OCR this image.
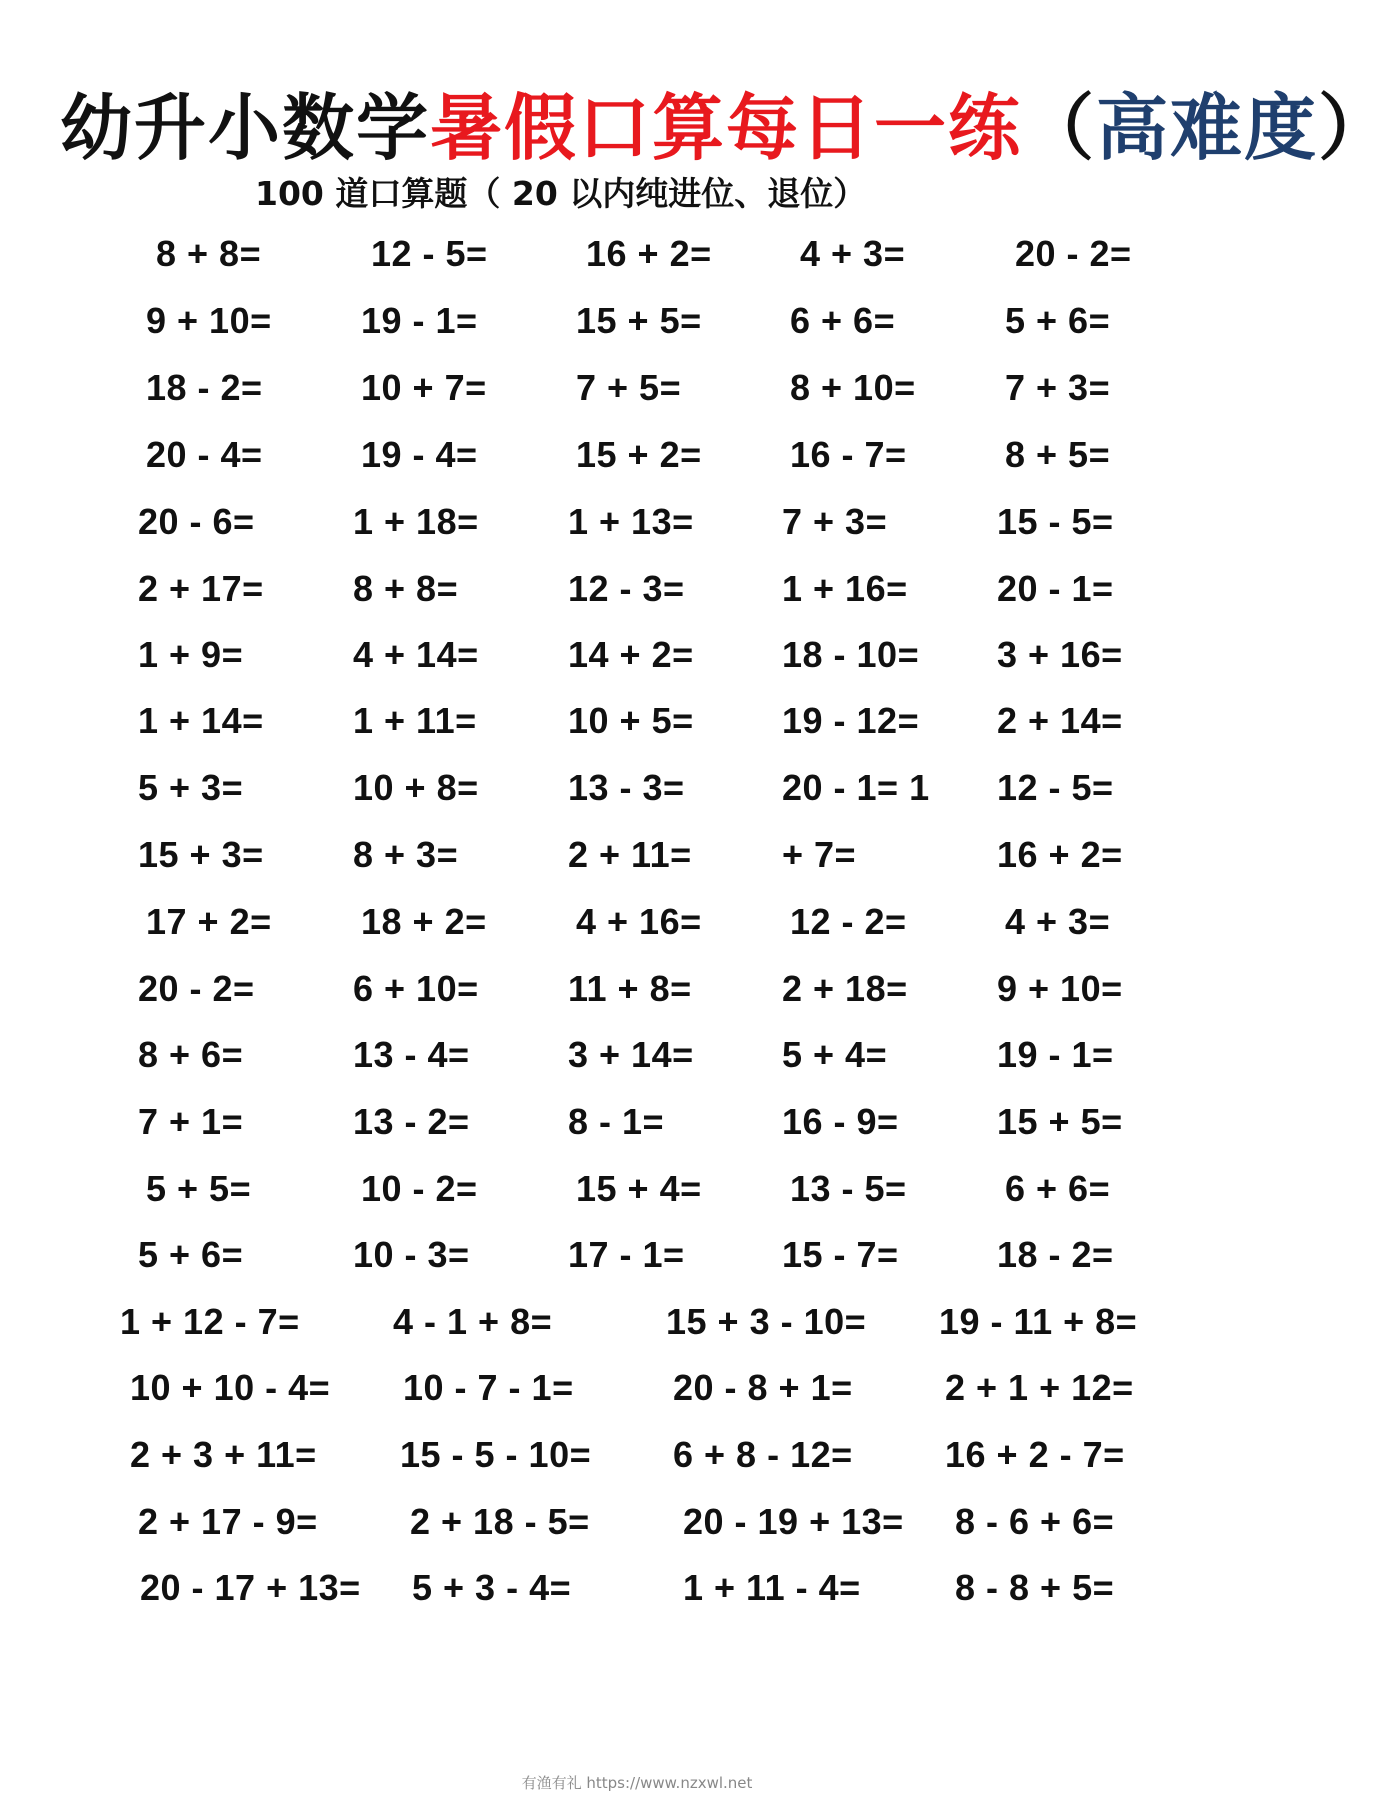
幼升小数学暑假口算每日一练（高难度）
100 道口算题（ 20 以内纯进位、退位）
8 + 8=	12 - 5=	16 + 2= 4 + 3=	20 - 2=
9 + 10= 19 - 1=	15 + 5= 6 + 6=	5 + 6=
18 - 2=	10 + 7= 7 + 5=	8 + 10= 7 + 3=
20 - 4=	19 - 4=	15 + 2= 16 - 7=	8 + 5=
20 - 6=	1 + 18= 1 + 13= 7 + 3=	15 - 5=
2 + 17= 8 + 8=	12 - 3=	1 + 16= 20 - 1=
1 + 9=	4 + 14= 14 + 2= 18 - 10= 3 + 16=
1 + 14= 1 + 11=	10 + 5= 19 - 12= 2 + 14=
5 + 3=	10 + 8= 13 - 3=	20 - 1= 1 12 - 5=
15 + 3= 8 + 3=	2 + 11=	+ 7=	16 + 2=
17 + 2= 18 + 2= 4 + 16= 12 - 2=	4 + 3=
20 - 2=	6 + 10= 11 + 8=	2 + 18= 9 + 10=
8 + 6=	13 - 4=	3 + 14= 5 + 4=	19 - 1=
7 + 1=	13 - 2=	8 - 1=	16 - 9=	15 + 5=
5 + 5=	10 - 2=	15 + 4= 13 - 5=	6 + 6=
5 + 6=	10 - 3=	17 - 1=	15 - 7=	18 - 2=
1 + 12 - 7=	4 - 1 + 8=	15 + 3 - 10= 19 - 11 + 8=
10 + 10 - 4= 10 - 7 - 1=	20 - 8 + 1=	2 + 1 + 12=
2 + 3 + 11= 15 - 5 - 10= 6 + 8 - 12=	16 + 2 - 7=
2 + 17 - 9=	2 + 18 - 5=	20 - 19 + 13= 8 - 6 + 6=
20 - 17 + 13= 5 + 3 - 4=	1 + 11 - 4=	8 - 8 + 5=
有渔有礼 https://www.nzxwl.net
